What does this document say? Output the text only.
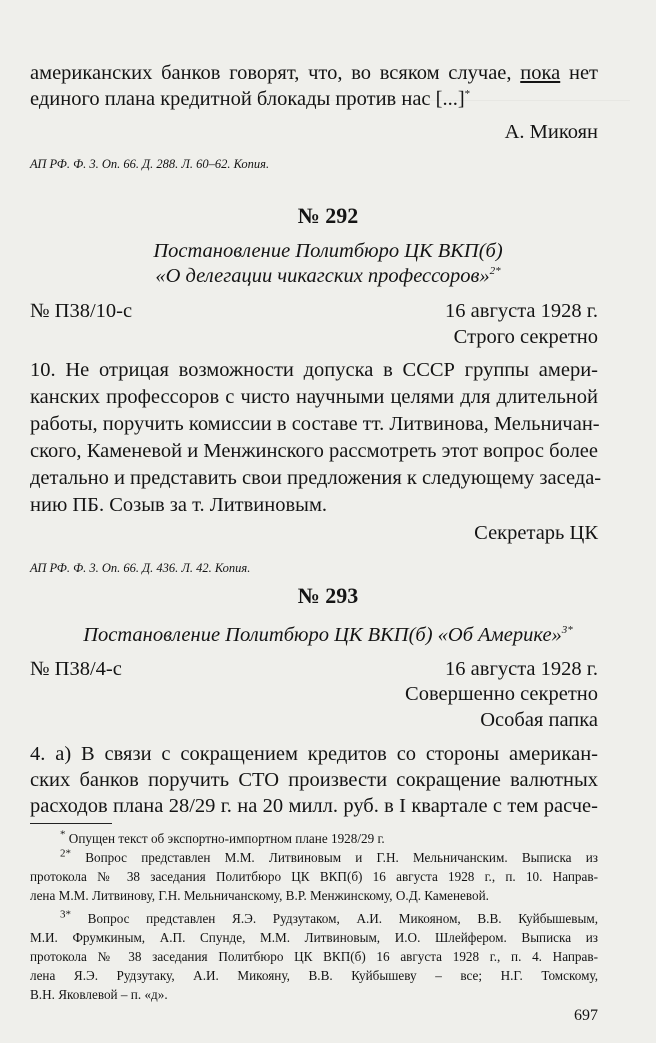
американских банков говорят, что, во всяком случае, пока нет
единого плана кредитной блокады против нас [...]*
А. Микоян
АП РФ. Ф. 3. Оп. 66. Д. 288. Л. 60–62. Копия.
№ 292
Постановление Политбюро ЦК ВКП(б)
«О делегации чикагских профессоров»$^{2*}$
№ П38/10-с	16 августа 1928 г.
Строго секретно
10. Не отрицая возможности допуска в СССР группы амери-
канских профессоров с чисто научными целями для длительной
работы, поручить комиссии в составе тт. Литвинова, Мельничан-
ского, Каменевой и Менжинского рассмотреть этот вопрос более
детально и представить свои предложения к следующему заседа-
нию ПБ. Созыв за т. Литвиновым.
Секретарь ЦК
АП РФ. Ф. 3. Оп. 66. Д. 436. Л. 42. Копия.
№ 293
Постановление Политбюро ЦК ВКП(б) «Об Америке»$^{3*}$
№ П38/4-с	16 августа 1928 г.
Совершенно секретно
Особая папка
4. а) В связи с сокращением кредитов со стороны американ-
ских банков поручить СТО произвести сокращение валютных
расходов плана 28/29 г. на 20 милл. руб. в I квартале с тем расче-
* Опущен текст об экспортно-импортном плане 1928/29 г.
$^{2*}$ Вопрос представлен М.М. Литвиновым и Г.Н. Мельничанским. Выписка из
протокола № 38 заседания Политбюро ЦК ВКП(б) 16 августа 1928 г., п. 10. Направ-
лена М.М. Литвинову, Г.Н. Мельничанскому, В.Р. Менжинскому, О.Д. Каменевой.
$^{3*}$ Вопрос представлен Я.Э. Рудзутаком, А.И. Микояном, В.В. Куйбышевым,
М.И. Фрумкиным, А.П. Спунде, М.М. Литвиновым, И.О. Шлейфером. Выписка из
протокола № 38 заседания Политбюро ЦК ВКП(б) 16 августа 1928 г., п. 4. Направ-
лена Я.Э. Рудзутаку, А.И. Микояну, В.В. Куйбышеву – все; Н.Г. Томскому,
В.Н. Яковлевой – п. «д».
697
